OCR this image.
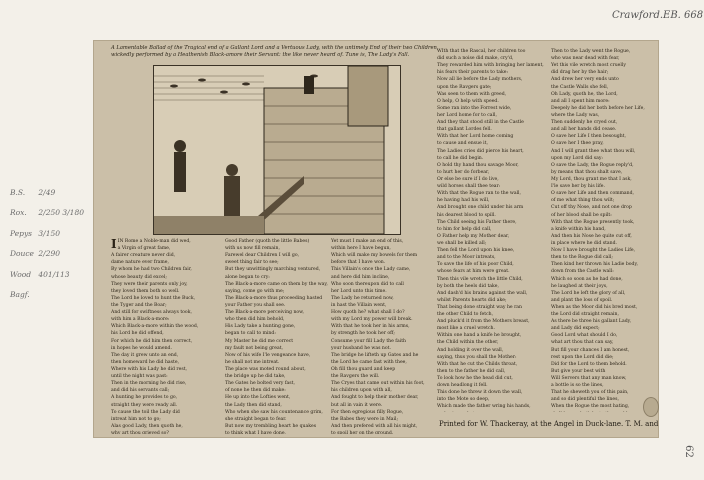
Crawford.EB. 668
62
B.S. 2/49
Rox. 2/250 3/180
Pepys 3/150
Douce 2/290
Wood 401/113
Bagf.
A Lamentable Ballad of the Tragical end of a Gallant Lord and a Vertuous Lady, with the untimely End of their two Children, wickedly performed by a Heathenish Black-amore their Servant: the like never heard of. Tune is, The Lady's Fall.
IIN Rome a Noble-man did wed,
a Virgin of great fame,
A fairer creature never did,
dame nature ever frame,
By whom he had two Children fair,
whose beauty did excel;
They were their parents only joy,
they loved them both so well.
The Lord he loved to hunt the Buck,
the Tyger and the Boar;
And still for swiftness always took,
with him a Black-a-more:
Which Black-a-more within the wood,
his Lord he did offend,
For which he did him then correct,
in hopes he would amend.
The day it grew unto an end,
then homeward he did haste,
Where with his Lady he did rest,
until the night was past:
Then in the morning he did rise,
and did his servants call;
A hunting he provides to go,
straight they were ready all.
To cause the toil the Lady did
intreat him not to go;
Alas good Lady, then quoth he,
why art thou grieved so?

Good Father (quoth the little Babes)
with us now fill remain,
Farewel dear Children I will go,
sweet thing fair to see;
But they unwittingly marching ventured,
alone began to cry:
The Black-a-more came on them by the way,
saying, come go with me;
The Black-a-more thus proceeding hasted
your Father you shall see.
The Black-a-more perceiving now,
who then did him behold,
His Lady take a hunting gone,
began to call to mind:
My Master he did me correct
my fault not being great,
Now of his wife I'le vengeance have,
he shall not me intreat.
The place was moted round about,
the bridge up he did take,
The Gates he bolted very fast,
of none he then did make:
He up into the Lofties went,
the Lady then did stand,
Who when she saw his countenance grim,
she straight began to fear.
But now my trembling heart he quakes
to think what I have done,

Yet must I make an end of this,
within here I have begun,
Which will make my bowels for them
before that I have won.
This Villain's once the Lady came,
and here did him incline,
Who soon thereupon did to call
her Lord unto this time.
The Lady he returned now,
in hast the Villain went,
How quoth he? what shall I do?
with my Lord my power will break.
With that he took her in his arms,
by strength he took her off;
Consume your fill Lady the faith
your husband he was not.
The bridge he lifteth up Gates and he
the Lord he came fast with thee,
Oh fill thou guard and keep
the Ravgers the will.
The Cryes that came out within his foot,
his children upon with all,
And fought to help their mother dear,
but all in vain it were.
For then egregious filly Rogue,
the Babes they were in Mail;
And then prefered with all his might,
to spoil her on the ground.
WIth that the Rascal, her children too
did such a noise did make, cry'd,
They rewarded him with bringing her lament,
his fears their parents to take:
Now all lie before the Lady mothers,
upon the Ravgers gate;
Was seen to them with greed,
O help, O help with speed.
Some ran into the Forrest wide,
her Lord home for to call,
And they that stood still in the Castle
that gallant Lordes fell.
With that her Lord home coming
to cause and ensue it,
The Ladies cries did pierce his heart,
to call he did begin.
O hold thy hand thou savage Moor,
to hurt her do forbear,
Or else be sure if I do live,
wild horses shall thee tear:
With that the Rogue ran to the wall,
he having had his will,
And brought one child under his arm
his dearest blood to spill.
The Child seeing his Father there,
to him for help did call,
O Father help my Mother dear,
we shall be killed all;
Then fell the Lord upon his knee,
and to the Moor intreats,
To save the life of his poor Child,
whose fears at him were great.
Then this vile wretch the little Child,
by both the heels did take,
And dash'd his brains against the wall,
whilst Parents hearts did ake;
That being done straight way he ran
the other Child to fetch,
And pluck'd it from the Mothers breast,
most like a cruel wretch.
Within one hand a knife he brought,
the Child within the other,
And holding it over the wall,
saying, thus you shall the Mother:
With that he cut the Childs throat,
then to the father he did call,
To look how he the head did cut,
down headlong it fell.
This done he threw it down the wall,
into the Mote so deep,
Which made the father wring his hands,

Then to the Lady went the Rogue,
who was near dead with fear,
Yet this vile wretch most cruelly
did drag her by the hair;
And drew her very ends unto
the Castle Walls she fell,
Oh Lady, quoth he, the Lord,
and all I spent him more:
Deepely he did her both before her Life,
where the Lady was,
Then suddenly he cryed out,
and all her hands did cease.
O save her Life I then besought,
O save her I thee pray,
And I will grant thee what thou will,
upon my Lord did say:
O save the Lady, the Rogue reply'd,
by means that thou shalt save,
My Lord, thou grant me that I ask,
I'le save her by his life.
O save her Life and then command,
of me what thing thou wilt;
Cut off thy Nose, and not one drop
of her blood shall be spilt:
With that the Rogue presently took,
a knife within his hand,
And then his Nose he quite cut off,
in place where he did stand.
Now I have brought the Ladies Life,
then to the Rogue did call;
Then kind her thrown his Ladie body,
down from the Castle wall:
Which so soon as he had done,
he laughed at their joys,
The Lord he left the glory of all,
and plant the loss of spoil.
When as the Moor did his bred most,
the Lord did straight remain,
As there be three his gallant Lady,
and Lady did expect;
Good Lord what should I do,
what art thou that can say,
But fill your chances I am honest,
rest upon the Lord did die;
Did for the Lord to them behold.
But give your best with
Will Servers that any man know,
a bottle is so the lines,
That he sheweth you of this pain,
and so did plentiful the lines,
When the Rogue the most hating,

Printed for W. Thackeray, at the Angel in Duck-lane. T. M. and
